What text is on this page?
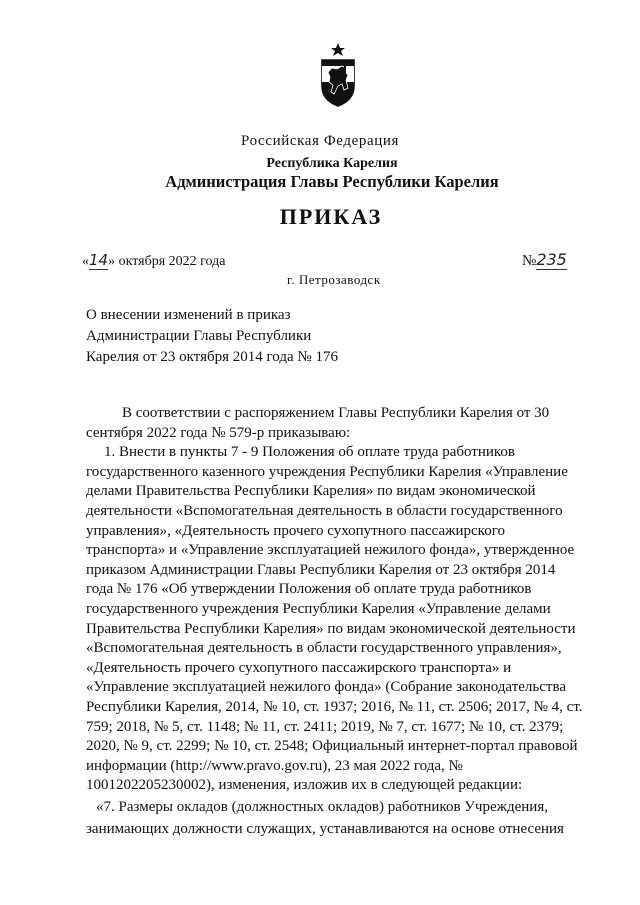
Российская Федерация
Республика Карелия
Администрация Главы Республики Карелия
ПРИКАЗ
«14» октября 2022 года
г. Петрозаводск
№235
О внесении изменений в приказ
Администрации Главы Республики
Карелия от 23 октября 2014 года № 176
В соответствии с распоряжением Главы Республики Карелия от 30
сентября 2022 года № 579-р приказываю:
1. Внести в пункты 7 - 9 Положения об оплате труда работников
государственного казенного учреждения Республики Карелия «Управление
делами Правительства Республики Карелия» по видам экономической
деятельности «Вспомогательная деятельность в области государственного
управления», «Деятельность прочего сухопутного пассажирского
транспорта» и «Управление эксплуатацией нежилого фонда», утвержденное
приказом Администрации Главы Республики Карелия от 23 октября 2014
года № 176 «Об утверждении Положения об оплате труда работников
государственного учреждения Республики Карелия «Управление делами
Правительства Республики Карелия» по видам экономической деятельности
«Вспомогательная деятельность в области государственного управления»,
«Деятельность прочего сухопутного пассажирского транспорта» и
«Управление эксплуатацией нежилого фонда» (Собрание законодательства
Республики Карелия, 2014, № 10, ст. 1937; 2016, № 11, ст. 2506; 2017, № 4, ст.
759; 2018, № 5, ст. 1148; № 11, ст. 2411; 2019, № 7, ст. 1677; № 10, ст. 2379;
2020, № 9, ст. 2299; № 10, ст. 2548; Официальный интернет-портал правовой
информации (http://www.pravo.gov.ru), 23 мая 2022 года, №
1001202205230002), изменения, изложив их в следующей редакции:
«7. Размеры окладов (должностных окладов) работников Учреждения,
занимающих должности служащих, устанавливаются на основе отнесения
